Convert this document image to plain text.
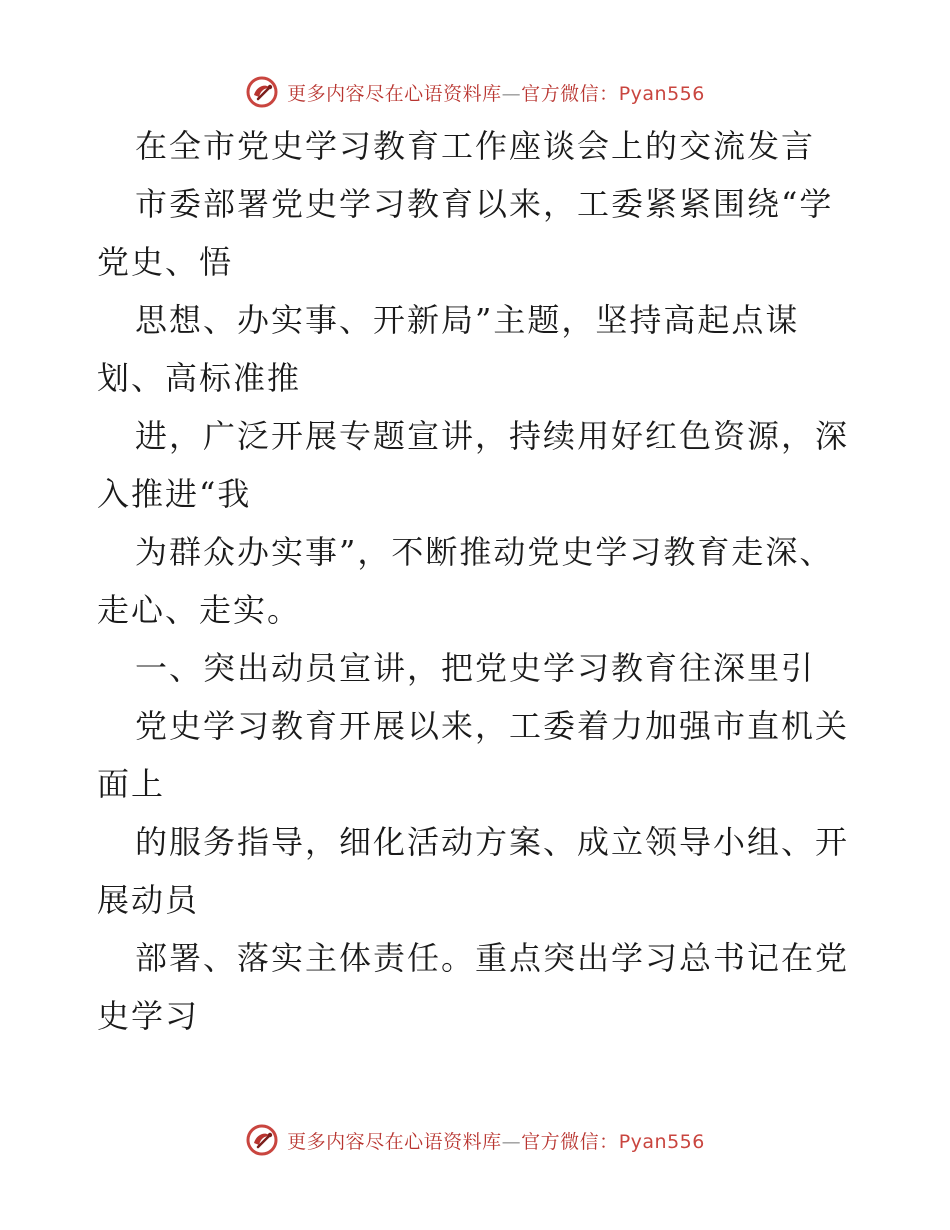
更多内容尽在心语资料库—官方微信：Pyan556
在全市党史学习教育工作座谈会上的交流发言
市委部署党史学习教育以来，工委紧紧围绕“学
党史、悟
思想、办实事、开新局”主题，坚持高起点谋
划、高标准推
进，广泛开展专题宣讲，持续用好红色资源，深
入推进“我
为群众办实事”，不断推动党史学习教育走深、
走心、走实。
一、突出动员宣讲，把党史学习教育往深里引
党史学习教育开展以来，工委着力加强市直机关
面上
的服务指导，细化活动方案、成立领导小组、开
展动员
部署、落实主体责任。重点突出学习总书记在党
史学习
更多内容尽在心语资料库—官方微信：Pyan556
